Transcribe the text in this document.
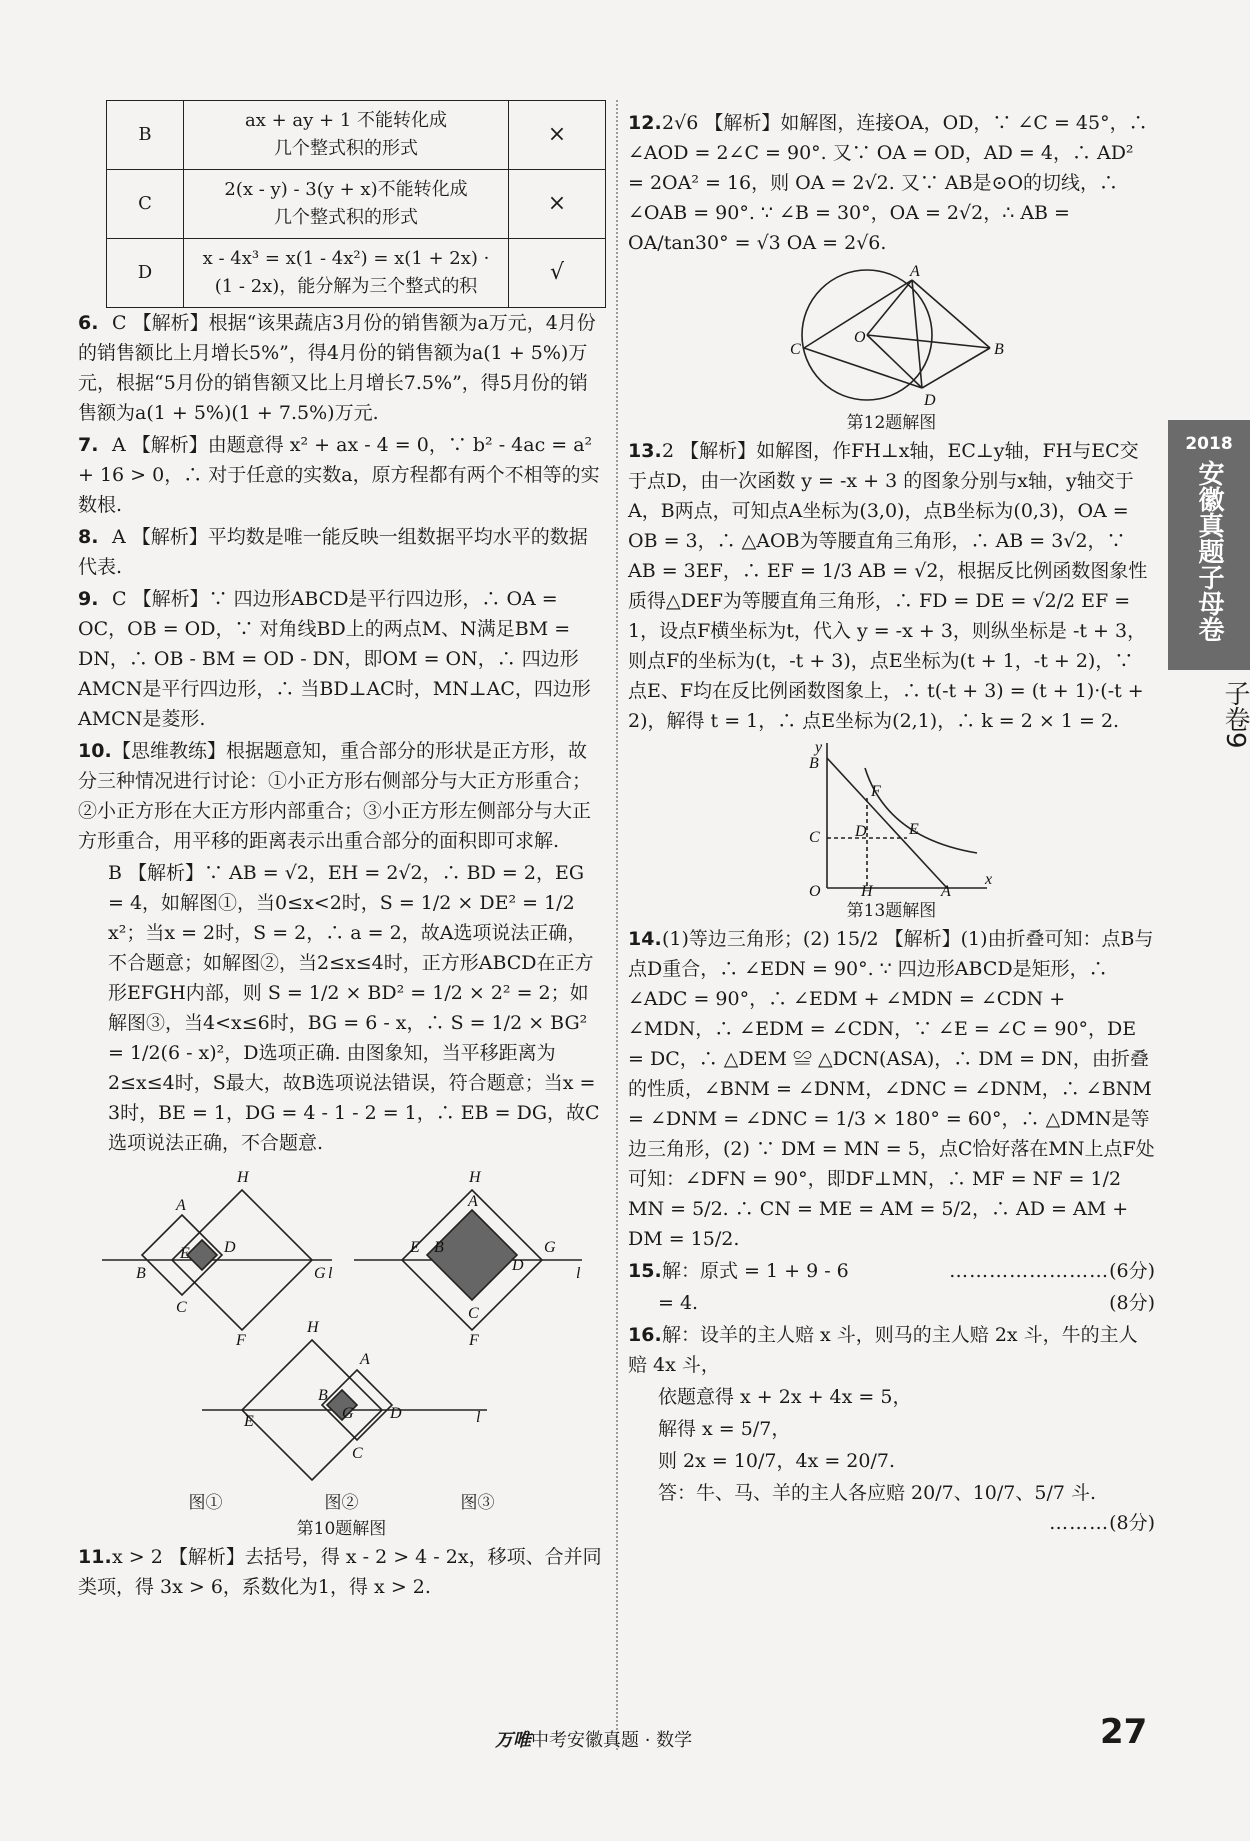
B	ax + ay + 1 不能转化成
几个整式积的形式	×
C	2(x - y) - 3(y + x)不能转化成
几个整式积的形式	×
D	x - 4x³ = x(1 - 4x²) = x(1 + 2x) ·
(1 - 2x)，能分解为三个整式的积	√
6. C 【解析】根据“该果蔬店3月份的销售额为a万元，4月份的销售额比上月增长5%”，得4月份的销售额为a(1 + 5%)万元，根据“5月份的销售额又比上月增长7.5%”，得5月份的销售额为a(1 + 5%)(1 + 7.5%)万元.
7. A 【解析】由题意得 x² + ax - 4 = 0，∵ b² - 4ac = a² + 16 > 0，∴ 对于任意的实数a，原方程都有两个不相等的实数根.
8. A 【解析】平均数是唯一能反映一组数据平均水平的数据代表.
9. C 【解析】∵ 四边形ABCD是平行四边形，∴ OA = OC，OB = OD，∵ 对角线BD上的两点M、N满足BM = DN，∴ OB - BM = OD - DN，即OM = ON，∴ 四边形AMCN是平行四边形，∴ 当BD⊥AC时，MN⊥AC，四边形AMCN是菱形.
10.【思维教练】根据题意知，重合部分的形状是正方形，故分三种情况进行讨论：①小正方形右侧部分与大正方形重合；②小正方形在大正方形内部重合；③小正方形左侧部分与大正方形重合，用平移的距离表示出重合部分的面积即可求解.
B 【解析】∵ AB = √2，EH = 2√2，∴ BD = 2，EG = 4，如解图①，当0≤x<2时，S = 1/2 × DE² = 1/2 x²；当x = 2时，S = 2，∴ a = 2，故A选项说法正确，不合题意；如解图②，当2≤x≤4时，正方形ABCD在正方形EFGH内部，则 S = 1/2 × BD² = 1/2 × 2² = 2；如解图③，当4<x≤6时，BG = 6 - x，∴ S = 1/2 × BG² = 1/2(6 - x)²，D选项正确. 由图象知，当平移距离为2≤x≤4时，S最大，故B选项说法错误，符合题意；当x = 3时，BE = 1，DG = 4 - 1 - 2 = 1，∴ EB = DG，故C选项说法正确，不合题意.
H
A
E D
B	G l
C
F
H
A
E B
D
G
l
C
F
H
A
B
G D	l
E
C
图①　　　　　　	图②　　　　　　	图③
第10题解图
11.x > 2 【解析】去括号，得 x - 2 > 4 - 2x，移项、合并同类项，得 3x > 6，系数化为1，得 x > 2.
12.2√6 【解析】如解图，连接OA，OD，∵ ∠C = 45°，∴ ∠AOD = 2∠C = 90°. 又∵ OA = OD，AD = 4，∴ AD² = 2OA² = 16，则 OA = 2√2. 又∵ AB是⊙O的切线，∴ ∠OAB = 90°. ∵ ∠B = 30°，OA = 2√2，∴ AB = OA/tan30° = √3 OA = 2√6.
A
C
O
B
D
第12题解图
13.2 【解析】如解图，作FH⊥x轴，EC⊥y轴，FH与EC交于点D，由一次函数 y = -x + 3 的图象分别与x轴，y轴交于A，B两点，可知点A坐标为(3,0)，点B坐标为(0,3)，OA = OB = 3，∴ △AOB为等腰直角三角形，∴ AB = 3√2，∵ AB = 3EF，∴ EF = 1/3 AB = √2，根据反比例函数图象性质得△DEF为等腰直角三角形，∴ FD = DE = √2/2 EF = 1，设点F横坐标为t，代入 y = -x + 3，则纵坐标是 -t + 3，则点F的坐标为(t，-t + 3)，点E坐标为(t + 1，-t + 2)，∵ 点E、F均在反比例函数图象上，∴ t(-t + 3) = (t + 1)·(-t + 2)，解得 t = 1，∴ 点E坐标为(2,1)，∴ k = 2 × 1 = 2.
y
B
F
D	E
C
O	H	A
x
第13题解图
14.(1)等边三角形；(2) 15/2 【解析】(1)由折叠可知：点B与点D重合，∴ ∠EDN = 90°. ∵ 四边形ABCD是矩形，∴ ∠ADC = 90°，∴ ∠EDM + ∠MDN = ∠CDN + ∠MDN，∴ ∠EDM = ∠CDN，∵ ∠E = ∠C = 90°，DE = DC，∴ △DEM ≌ △DCN(ASA)，∴ DM = DN，由折叠的性质，∠BNM = ∠DNM，∠DNC = ∠DNM，∴ ∠BNM = ∠DNM = ∠DNC = 1/3 × 180° = 60°，∴ △DMN是等边三角形，(2) ∵ DM = MN = 5，点C恰好落在MN上点F处可知：∠DFN = 90°，即DF⊥MN，∴ MF = NF = 1/2 MN = 5/2. ∴ CN = ME = AM = 5/2，∴ AD = AM + DM = 15/2.
15.解：原式 = 1 + 9 - 6	……………………(6分)
= 4.	(8分)
16.解：设羊的主人赔 x 斗，则马的主人赔 2x 斗，牛的主人赔 4x 斗，
依题意得 x + 2x + 4x = 5，
解得 x = 5/7，
则 2x = 10/7，4x = 20/7.
答：牛、马、羊的主人各应赔 20/7、10/7、5/7 斗.
………(8分)
2018
安徽真题子母卷
子卷9
万唯中考安徽真题 · 数学	27
